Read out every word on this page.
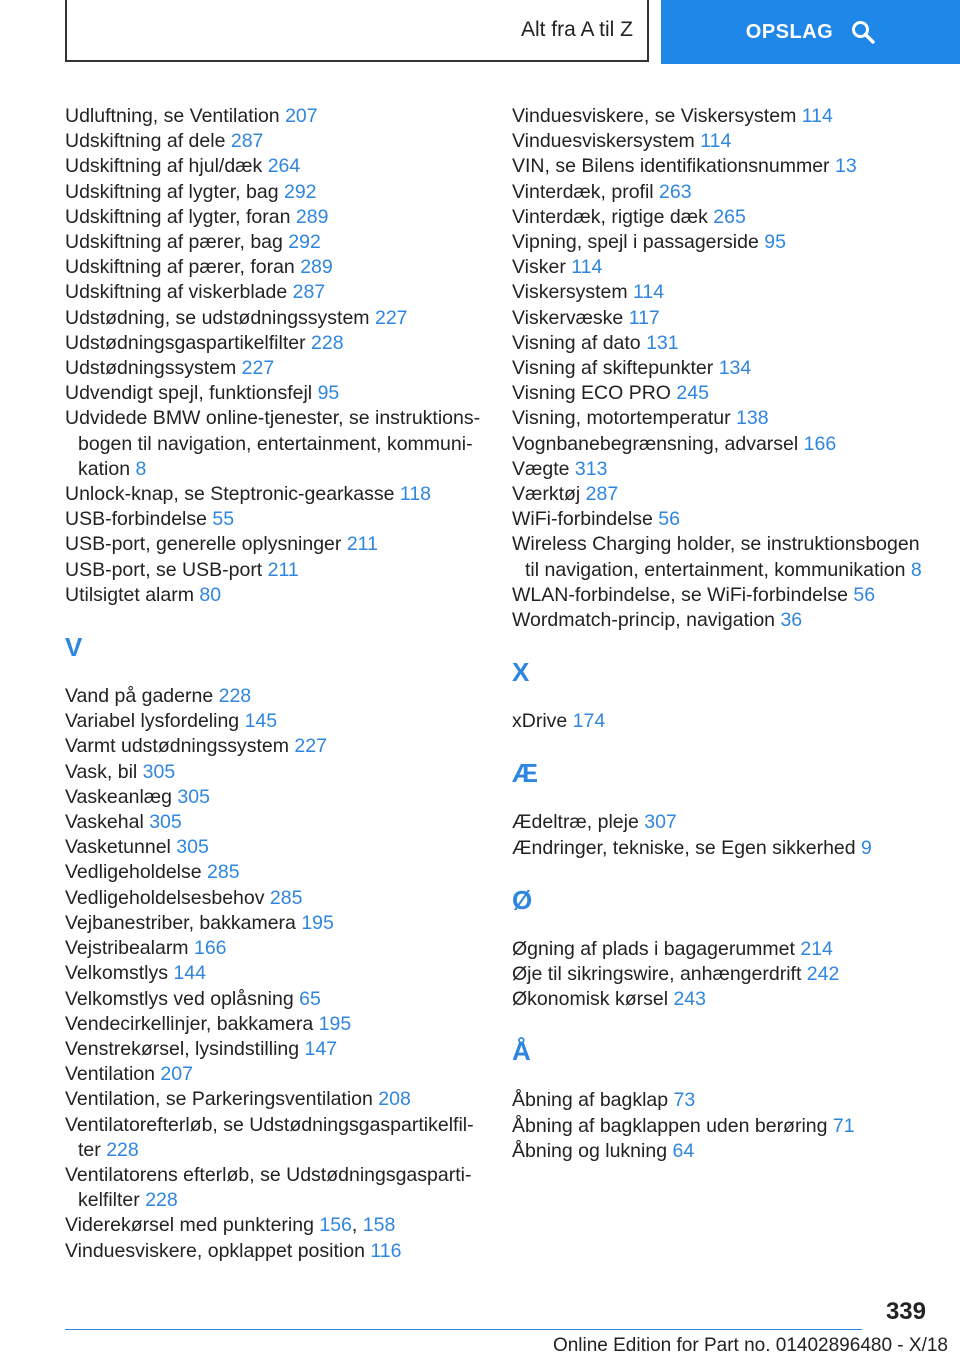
Alt fra A til Z	OPSLAG
Udluftning, se Ventilation 207
Udskiftning af dele 287
Udskiftning af hjul/dæk 264
Udskiftning af lygter, bag 292
Udskiftning af lygter, foran 289
Udskiftning af pærer, bag 292
Udskiftning af pærer, foran 289
Udskiftning af viskerblade 287
Udstødning, se udstødningssystem 227
Udstødningsgaspartikelfilter 228
Udstødningssystem 227
Udvendigt spejl, funktionsfejl 95
Udvidede BMW online-tjenester, se instruktionsbogen til navigation, entertainment, kommunikation 8
Unlock-knap, se Steptronic-gearkasse 118
USB-forbindelse 55
USB-port, generelle oplysninger 211
USB-port, se USB-port 211
Utilsigtet alarm 80
V
Vand på gaderne 228
Variabel lysfordeling 145
Varmt udstødningssystem 227
Vask, bil 305
Vaskeanlæg 305
Vaskehal 305
Vasketunnel 305
Vedligeholdelse 285
Vedligeholdelsesbehov 285
Vejbanestriber, bakkamera 195
Vejstribealarm 166
Velkomstlys 144
Velkomstlys ved oplåsning 65
Vendecirkellinjer, bakkamera 195
Venstrekørsel, lysindstilling 147
Ventilation 207
Ventilation, se Parkeringsventilation 208
Ventilatorefterløb, se Udstødningsgaspartikelfilter 228
Ventilatorens efterløb, se Udstødningsgaspartikelfilter 228
Viderekørsel med punktering 156, 158
Vinduesviskere, opklappet position 116
Vinduesviskere, se Viskersystem 114
Vinduesviskersystem 114
VIN, se Bilens identifikationsnummer 13
Vinterdæk, profil 263
Vinterdæk, rigtige dæk 265
Vipning, spejl i passagerside 95
Visker 114
Viskersystem 114
Viskervæske 117
Visning af dato 131
Visning af skiftepunkter 134
Visning ECO PRO 245
Visning, motortemperatur 138
Vognbanebegrænsning, advarsel 166
Vægte 313
Værktøj 287
WiFi-forbindelse 56
Wireless Charging holder, se instruktionsbogen til navigation, entertainment, kommunikation 8
WLAN-forbindelse, se WiFi-forbindelse 56
Wordmatch-princip, navigation 36
X
xDrive 174
Æ
Ædeltræ, pleje 307
Ændringer, tekniske, se Egen sikkerhed 9
Ø
Øgning af plads i bagagerummet 214
Øje til sikringswire, anhængerdrift 242
Økonomisk kørsel 243
Å
Åbning af bagklap 73
Åbning af bagklappen uden berøring 71
Åbning og lukning 64
339
Online Edition for Part no. 01402896480 - X/18
